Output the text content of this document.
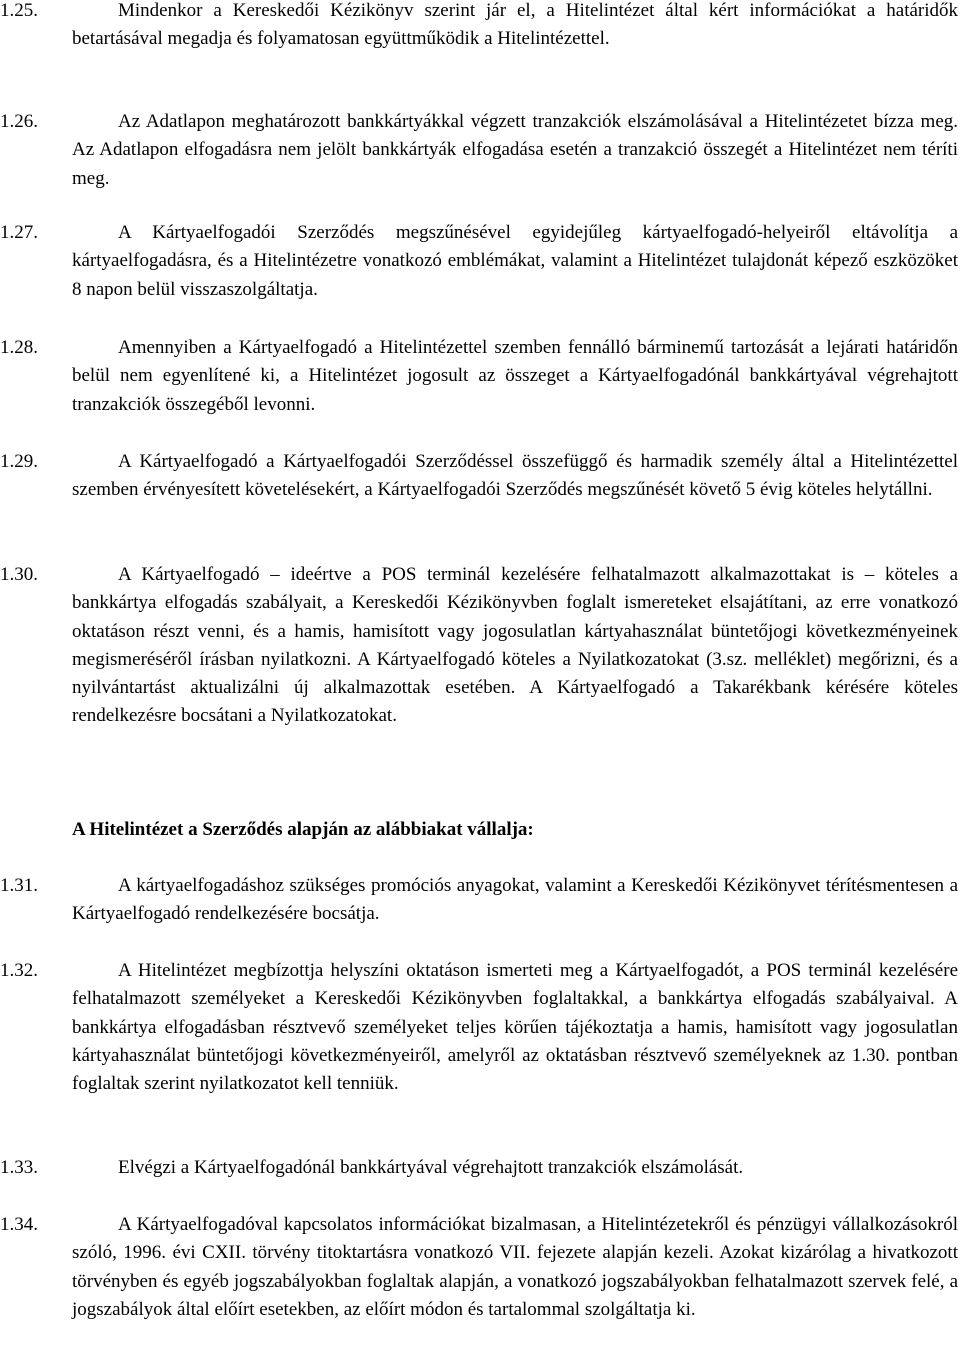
1.25.	Mindenkor a Kereskedői Kézikönyv szerint jár el, a Hitelintézet által kért információkat a határidők betartásával megadja és folyamatosan együttműködik a Hitelintézettel.
1.26.	Az Adatlapon meghatározott bankkártyákkal végzett tranzakciók elszámolásával a Hitelintézetet bízza meg. Az Adatlapon elfogadásra nem jelölt bankkártyák elfogadása esetén a tranzakció összegét a Hitelintézet nem téríti meg.
1.27.	A Kártyaelfogadói Szerződés megszűnésével egyidejűleg kártyaelfogadó-helyeiről eltávolítja a kártyaelfogadásra, és a Hitelintézetre vonatkozó emblémákat, valamint a Hitelintézet tulajdonát képező eszközöket 8 napon belül visszaszolgáltatja.
1.28.	Amennyiben a Kártyaelfogadó a Hitelintézettel szemben fennálló bárminemű tartozását a lejárati határidőn belül nem egyenlítené ki, a Hitelintézet jogosult az összeget a Kártyaelfogadónál bankkártyával végrehajtott tranzakciók összegéből levonni.
1.29.	A Kártyaelfogadó a Kártyaelfogadói Szerződéssel összefüggő és harmadik személy által a Hitelintézettel szemben érvényesített követelésekért, a Kártyaelfogadói Szerződés megszűnését követő 5 évig köteles helytállni.
1.30.	A Kártyaelfogadó – ideértve a POS terminál kezelésére felhatalmazott alkalmazottakat is – köteles a bankkártya elfogadás szabályait, a Kereskedői Kézikönyvben foglalt ismereteket elsajátítani, az erre vonatkozó oktatáson részt venni, és a hamis, hamisított vagy jogosulatlan kártyahasználat büntetőjogi következményeinek megismeréséről írásban nyilatkozni. A Kártyaelfogadó köteles a Nyilatkozatokat (3.sz. melléklet) megőrizni, és a nyilvántartást aktualizálni új alkalmazottak esetében. A Kártyaelfogadó a Takarékbank kérésére köteles rendelkezésre bocsátani a Nyilatkozatokat.
A Hitelintézet a Szerződés alapján az alábbiakat vállalja:
1.31.	A kártyaelfogadáshoz szükséges promóciós anyagokat, valamint a Kereskedői Kézikönyvet térítésmentesen a Kártyaelfogadó rendelkezésére bocsátja.
1.32.	A Hitelintézet megbízottja helyszíni oktatáson ismerteti meg a Kártyaelfogadót, a POS terminál kezelésére felhatalmazott személyeket a Kereskedői Kézikönyvben foglaltakkal, a bankkártya elfogadás szabályaival. A bankkártya elfogadásban résztvevő személyeket teljes körűen tájékoztatja a hamis, hamisított vagy jogosulatlan kártyahasználat büntetőjogi következményeiről, amelyről az oktatásban résztvevő személyeknek az 1.30. pontban foglaltak szerint nyilatkozatot kell tenniük.
1.33.	Elvégzi a Kártyaelfogadónál bankkártyával végrehajtott tranzakciók elszámolását.
1.34.	A Kártyaelfogadóval kapcsolatos információkat bizalmasan, a Hitelintézetekről és pénzügyi vállalkozásokról szóló, 1996. évi CXII. törvény titoktartásra vonatkozó VII. fejezete alapján kezeli. Azokat kizárólag a hivatkozott törvényben és egyéb jogszabályokban foglaltak alapján, a vonatkozó jogszabályokban felhatalmazott szervek felé, a jogszabályok által előírt esetekben, az előírt módon és tartalommal szolgáltatja ki.
